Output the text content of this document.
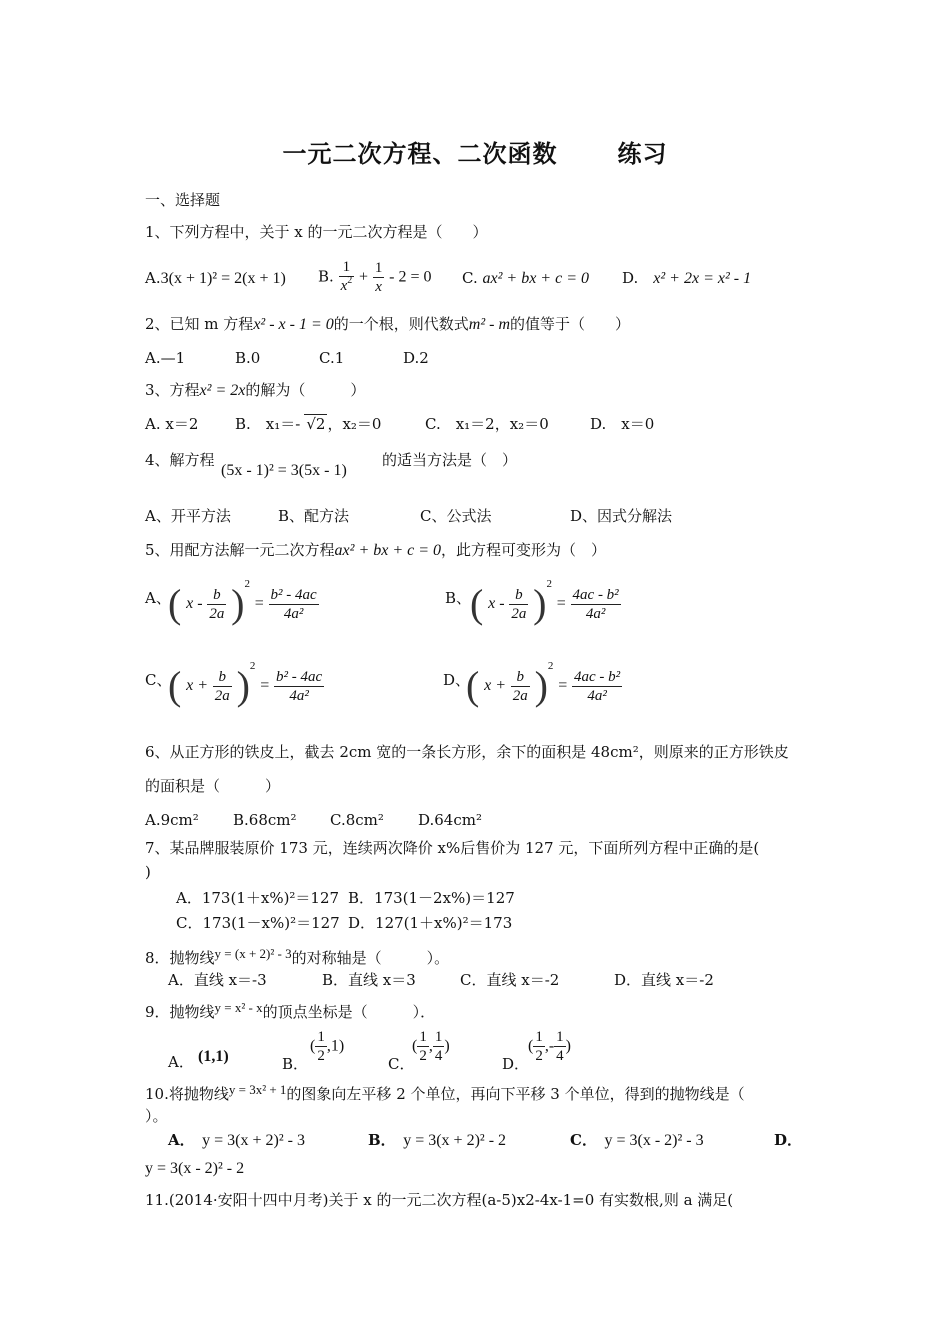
一元二次方程、二次函数	练习
一、选择题
1、下列方程中，关于 x 的一元二次方程是（　　）
A.3(x + 1)² = 2(x + 1) B. $\frac{1}{x^2} + \frac{1}{x} - 2 = 0$ C. ax² + bx + c = 0 D.　 x² + 2x = x² - 1
2、已知 m 方程x² - x - 1 = 0的一个根，则代数式m² - m的值等于（　　）
A.—1	B.0	C.1	D.2
3、方程x² = 2x的解为（　　　）
A. x＝2 B.　x₁＝- √2 ，x₂＝0	C.　x₁＝2，x₂＝0	D.　x＝0
4、解方程
(5x - 1)² = 3(5x - 1)
的适当方法是（　）
A、开平方法	B、配方法	C、公式法	D、因式分解法
5、用配方法解一元二次方程ax² + bx + c = 0，此方程可变形为（　）
A、
( $x - \frac{b}{2a} )^2 = \frac{\text{b² - 4ac}}{\text{4a²}}$	B、
( $x - \frac{b}{2a} )^2 = \frac{\text{4ac - b²}}{\text{4a²}}$
C、
( $x + \frac{b}{2a} )^2 = \frac{\text{b² - 4ac}}{\text{4a²}}$	D、
( $x + \frac{b}{2a} )^2 = \frac{\text{4ac - b²}}{\text{4a²}}$
6、从正方形的铁皮上，截去 2cm 宽的一条长方形，余下的面积是 48cm²，则原来的正方形铁皮
的面积是（　　　）
A.9cm² B.68cm² C.8cm² D.64cm²
7、某品牌服装原价 173 元，连续两次降价 x%后售价为 127 元，下面所列方程中正确的是(
)
A．173(1＋x%)²＝127 B．173(1－2x%)＝127
C．173(1－x%)²＝127 D．127(1＋x%)²＝173
8．抛物线y = (x + 2)² - 3的对称轴是（　　　）。
A．直线 x＝-3	B．直线 x＝3	C．直线 x＝-2	D．直线 x＝-2
9．抛物线y = x² - x的顶点坐标是（　　　）．
A． (1,1)	B．
( $\frac{1}{2} ,1$)
C．
( $\frac{1}{2}$ , $\frac{1}{4}$ )
D．
( $\frac{1}{2}$ ,- $\frac{1}{4}$ )
10.将抛物线y = 3x² + 1的图象向左平移 2 个单位，再向下平移 3 个单位，得到的抛物线是（
）。
A．　 y = 3(x + 2)² - 3	B．　 y = 3(x + 2)² - 2	C．　 y = 3(x - 2)² - 3	D．
y = 3(x - 2)² - 2
11.(2014·安阳十四中月考)关于 x 的一元二次方程(a-5)x2-4x-1=0 有实数根,则 a 满足(
